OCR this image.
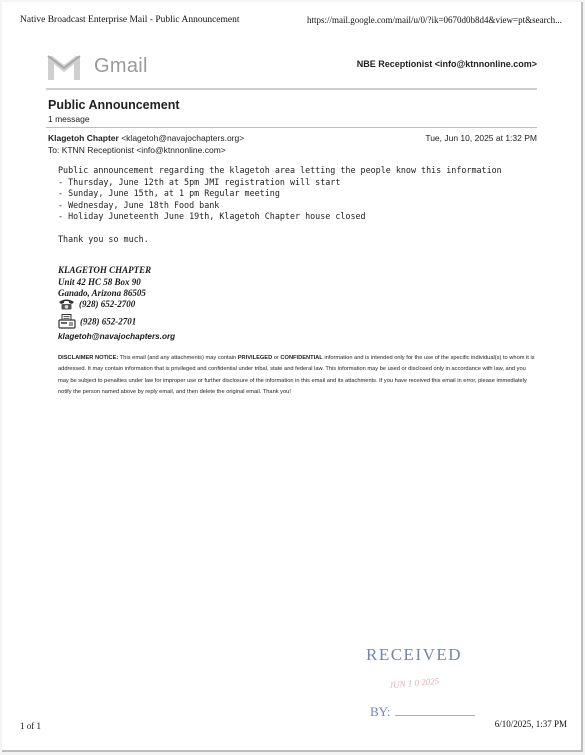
Native Broadcast Enterprise Mail - Public Announcement	https://mail.google.com/mail/u/0/?ik=0670d0b8d4&view=pt&search...
Gmail	NBE Receptionist <info@ktnnonline.com>
Public Announcement
1 message
Klagetoh Chapter <klagetoh@navajochapters.org>	Tue, Jun 10, 2025 at 1:32 PM
To: KTNN Receptionist <info@ktnnonline.com>
Public announcement regarding the klagetoh area letting the people know this information
- Thursday, June 12th at 5pm JMI registration will start
- Sunday, June 15th, at 1 pm Regular meeting
- Wednesday, June 18th Food bank
- Holiday Juneteenth June 19th, Klagetoh Chapter house closed
Thank you so much.
KLAGETOH CHAPTER
Unit 42 HC 58 Box 90
Ganado, Arizona 86505
(928) 652-2700
(928) 652-2701
klagetoh@navajochapters.org
DISCLAIMER NOTICE: This email (and any attachments) may contain PRIVILEGED or CONFIDENTIAL information and is intended only for the use of the specific individual(s) to whom it is addressed. It may contain information that is privileged and confidential under tribal, state and federal law. This information may be used or disclosed only in accordance with law, and you may be subject to penalties under law for improper use or further disclosure of the information in this email and its attachments. If you have received this email in error, please immediately notify the person named above by reply email, and then delete the original email. Thank you!
RECEIVED
JUN 1 0 2025
BY:
1 of 1	6/10/2025, 1:37 PM
